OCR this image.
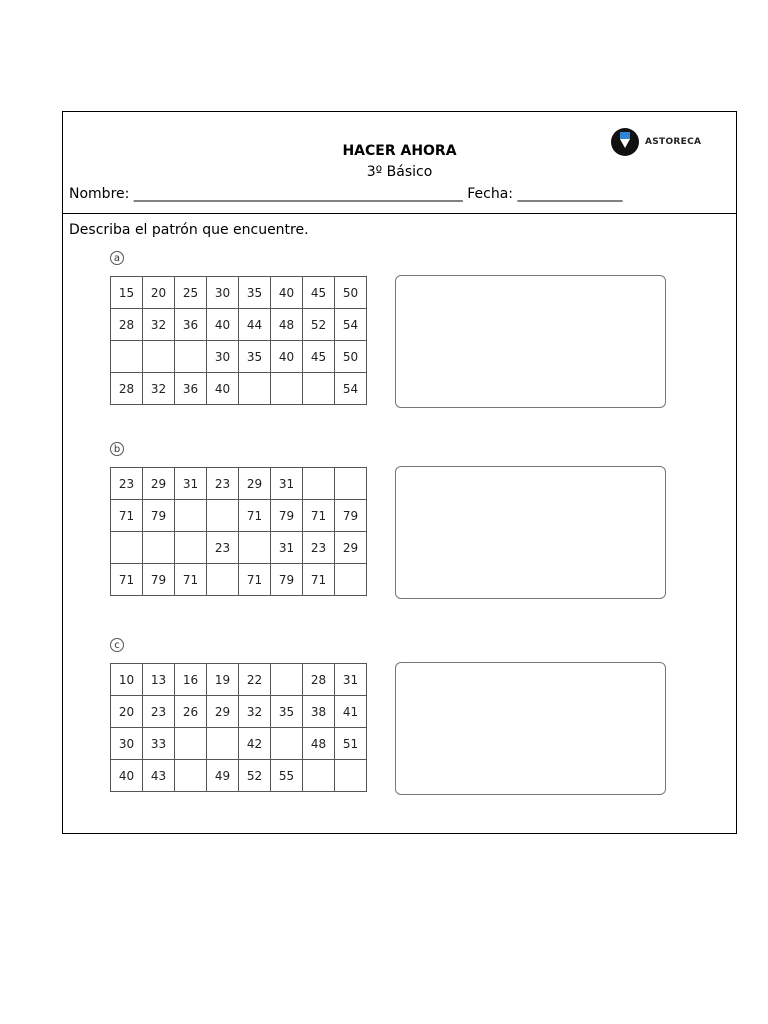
HACER AHORA
3º Básico
ASTORECA
Nombre: _______________________________________________ Fecha: _______________
Describa el patrón que encuentre.
a
15	20	25	30	35	40	45	50
28	32	36	40	44	48	52	54
			30	35	40	45	50
28	32	36	40				54
b
23	29	31	23	29	31		
71	79			71	79	71	79
			23		31	23	29
71	79	71		71	79	71	
c
10	13	16	19	22		28	31
20	23	26	29	32	35	38	41
30	33			42		48	51
40	43		49	52	55		
